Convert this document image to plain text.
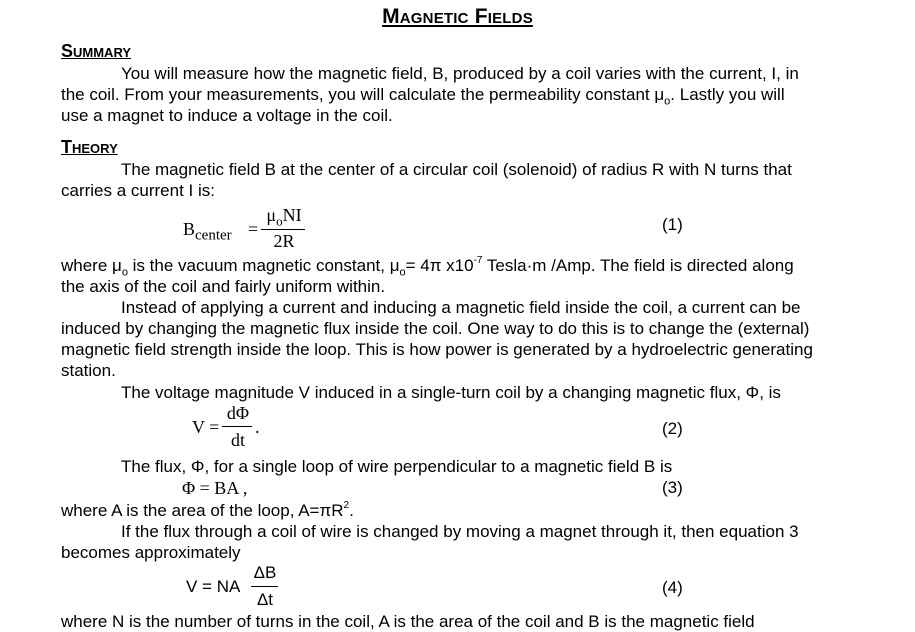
Magnetic Fields
Summary
You will measure how the magnetic field, B, produced by a coil varies with the current, I, in
the coil. From your measurements, you will calculate the permeability constant $\mu_o$. Lastly you will
use a magnet to induce a voltage in the coil.
Theory
The magnetic field B at the center of a circular coil (solenoid) of radius R with N turns that
carries a current I is:
$B_{center}$ =
$\mu_oNI$
2R
(1)
where $\mu_o$ is the vacuum magnetic constant, $\mu_o= 4\pi$ $x10^{-7}$ Tesla·m /Amp. The field is directed along
the axis of the coil and fairly uniform within.
Instead of applying a current and inducing a magnetic field inside the coil, a current can be
induced by changing the magnetic flux inside the coil. One way to do this is to change the (external)
magnetic field strength inside the loop. This is how power is generated by a hydroelectric generating
station.
The voltage magnitude V induced in a single-turn coil by a changing magnetic flux, Φ, is
V =
dΦ
dt
.	(2)
The flux, Φ, for a single loop of wire perpendicular to a magnetic field B is
Φ = BA ,	(3)
where A is the area of the loop, $A=\pi R^2$.
If the flux through a coil of wire is changed by moving a magnet through it, then equation 3
becomes approximately
V = NA
ΔB
Δt
(4)
where N is the number of turns in the coil, A is the area of the coil and B is the magnetic field
